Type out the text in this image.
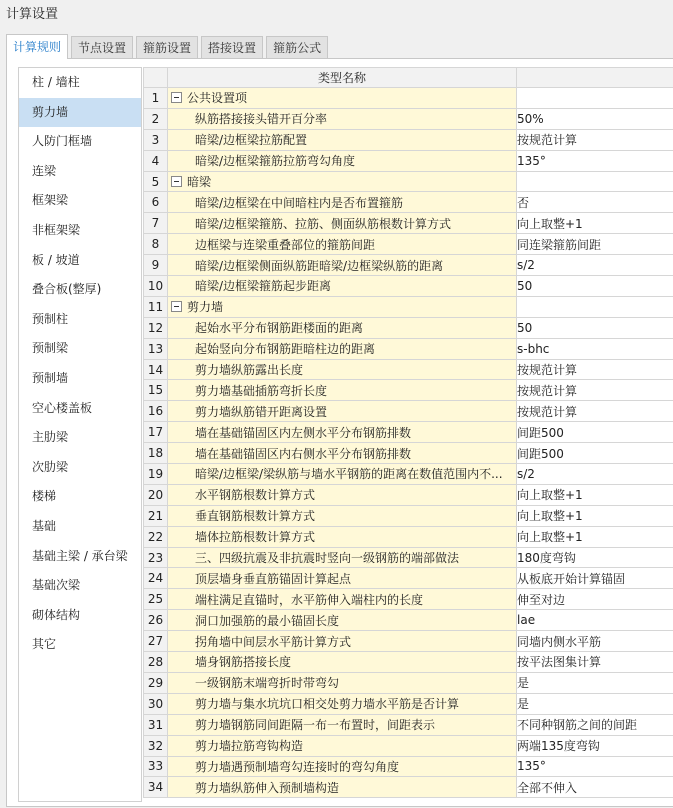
计算设置
计算规则	节点设置	箍筋设置	搭接设置	箍筋公式
柱 / 墙柱
剪力墙
人防门框墙
连梁
框架梁
非框架梁
板 / 坡道
叠合板(整厚)
预制柱
预制梁
预制墙
空心楼盖板
主肋梁
次肋梁
楼梯
基础
基础主梁 / 承台梁
基础次梁
砌体结构
其它
	类型名称	
1	公共设置项	
2	纵筋搭接接头错开百分率	50%
3	暗梁/边框梁拉筋配置	按规范计算
4	暗梁/边框梁箍筋拉筋弯勾角度	135°
5	暗梁	
6	暗梁/边框梁在中间暗柱内是否布置箍筋	否
7	暗梁/边框梁箍筋、拉筋、侧面纵筋根数计算方式	向上取整+1
8	边框梁与连梁重叠部位的箍筋间距	同连梁箍筋间距
9	暗梁/边框梁侧面纵筋距暗梁/边框梁纵筋的距离	s/2
10	暗梁/边框梁箍筋起步距离	50
11	剪力墙	
12	起始水平分布钢筋距楼面的距离	50
13	起始竖向分布钢筋距暗柱边的距离	s-bhc
14	剪力墙纵筋露出长度	按规范计算
15	剪力墙基础插筋弯折长度	按规范计算
16	剪力墙纵筋错开距离设置	按规范计算
17	墙在基础锚固区内左侧水平分布钢筋排数	间距500
18	墙在基础锚固区内右侧水平分布钢筋排数	间距500
19	暗梁/边框梁/梁纵筋与墙水平钢筋的距离在数值范围内不...	s/2
20	水平钢筋根数计算方式	向上取整+1
21	垂直钢筋根数计算方式	向上取整+1
22	墙体拉筋根数计算方式	向上取整+1
23	三、四级抗震及非抗震时竖向一级钢筋的端部做法	180度弯钩
24	顶层墙身垂直筋锚固计算起点	从板底开始计算锚固
25	端柱满足直锚时，水平筋伸入端柱内的长度	伸至对边
26	洞口加强筋的最小锚固长度	lae
27	拐角墙中间层水平筋计算方式	同墙内侧水平筋
28	墙身钢筋搭接长度	按平法图集计算
29	一级钢筋末端弯折时带弯勾	是
30	剪力墙与集水坑坑口相交处剪力墙水平筋是否计算	是
31	剪力墙钢筋同间距隔一布一布置时，间距表示	不同种钢筋之间的间距
32	剪力墙拉筋弯钩构造	两端135度弯钩
33	剪力墙遇预制墙弯勾连接时的弯勾角度	135°
34	剪力墙纵筋伸入预制墙构造	全部不伸入
